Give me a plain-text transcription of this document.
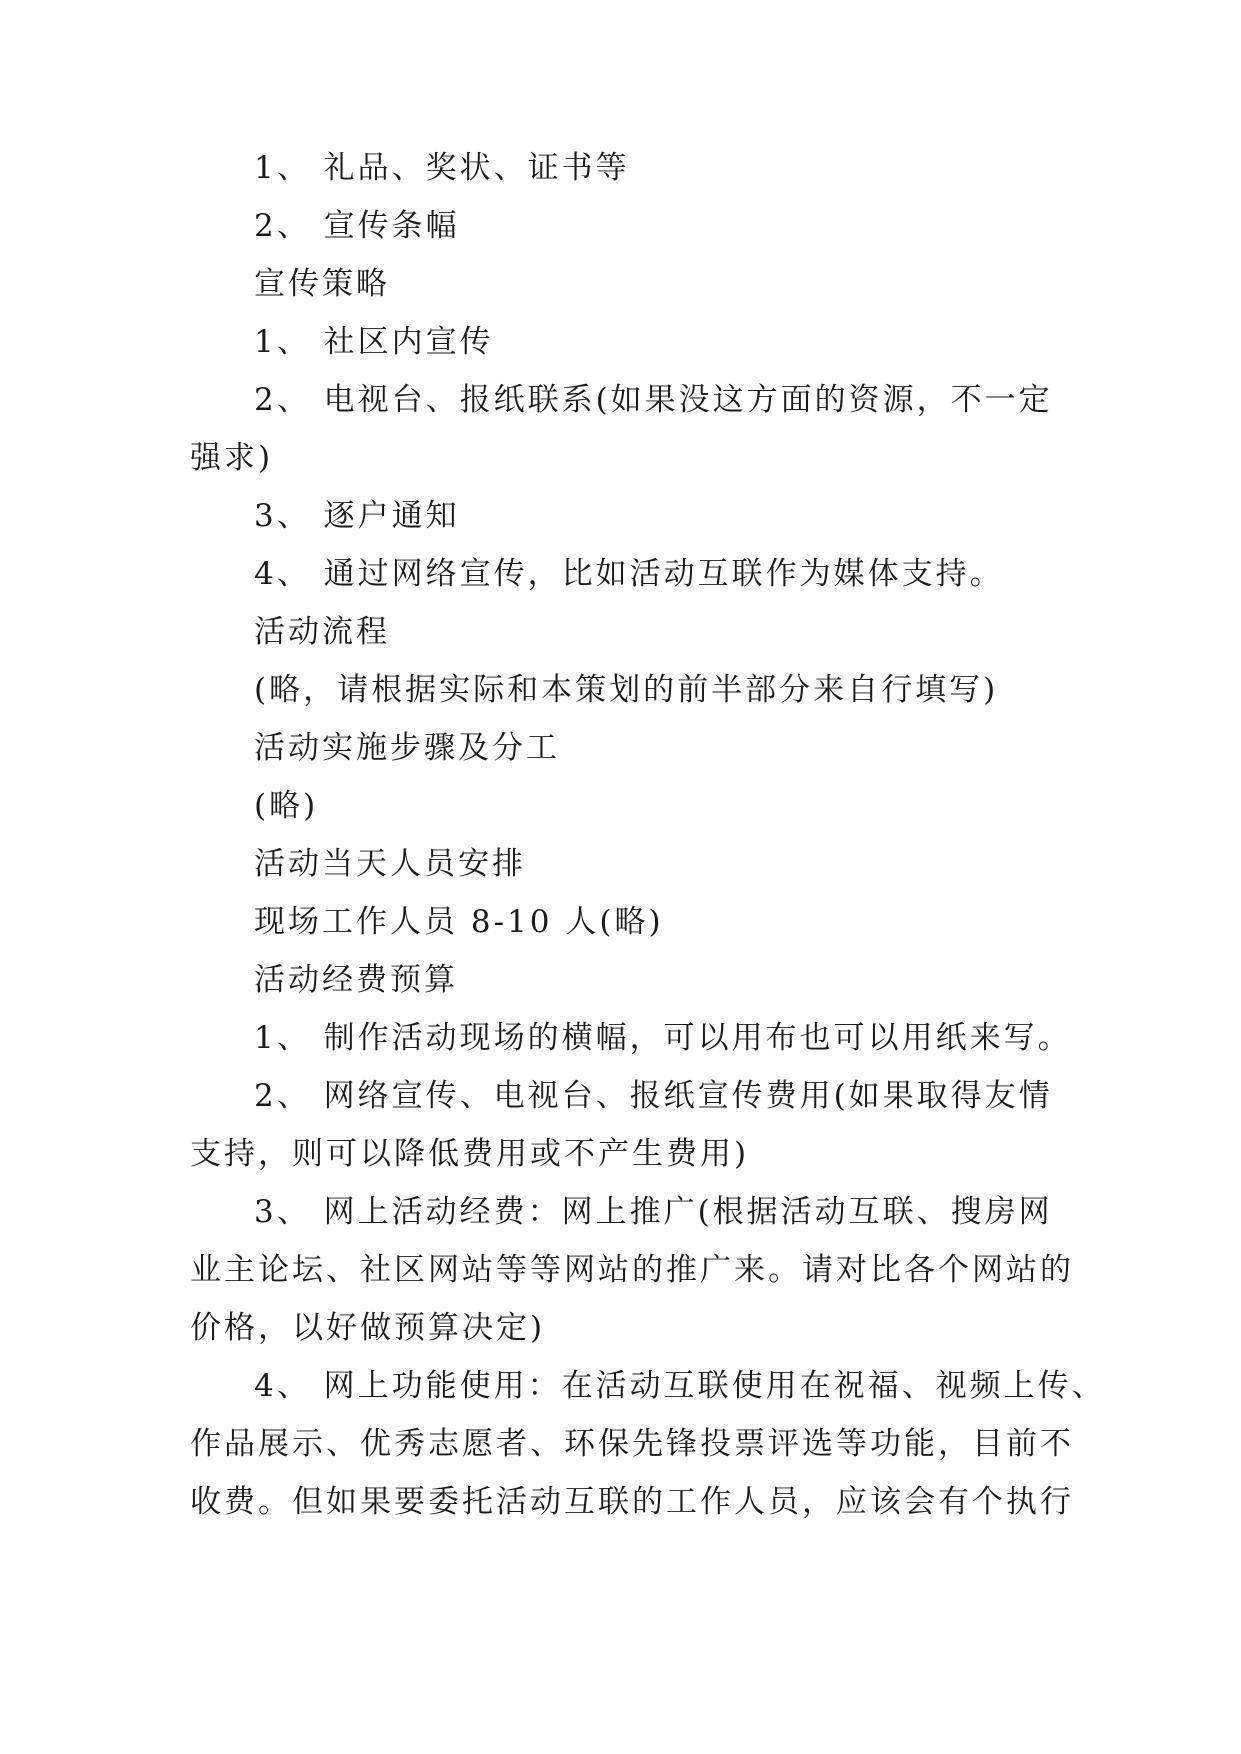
1、 礼品、奖状、证书等
2、 宣传条幅
宣传策略
1、 社区内宣传
2、 电视台、报纸联系(如果没这方面的资源，不一定
强求)
3、 逐户通知
4、 通过网络宣传，比如活动互联作为媒体支持。
活动流程
(略，请根据实际和本策划的前半部分来自行填写)
活动实施步骤及分工
(略)
活动当天人员安排
现场工作人员 8-10 人(略)
活动经费预算
1、 制作活动现场的横幅，可以用布也可以用纸来写。
2、 网络宣传、电视台、报纸宣传费用(如果取得友情
支持，则可以降低费用或不产生费用)
3、 网上活动经费：网上推广(根据活动互联、搜房网
业主论坛、社区网站等等网站的推广来。请对比各个网站的
价格，以好做预算决定)
4、 网上功能使用：在活动互联使用在祝福、视频上传、
作品展示、优秀志愿者、环保先锋投票评选等功能，目前不
收费。但如果要委托活动互联的工作人员，应该会有个执行
